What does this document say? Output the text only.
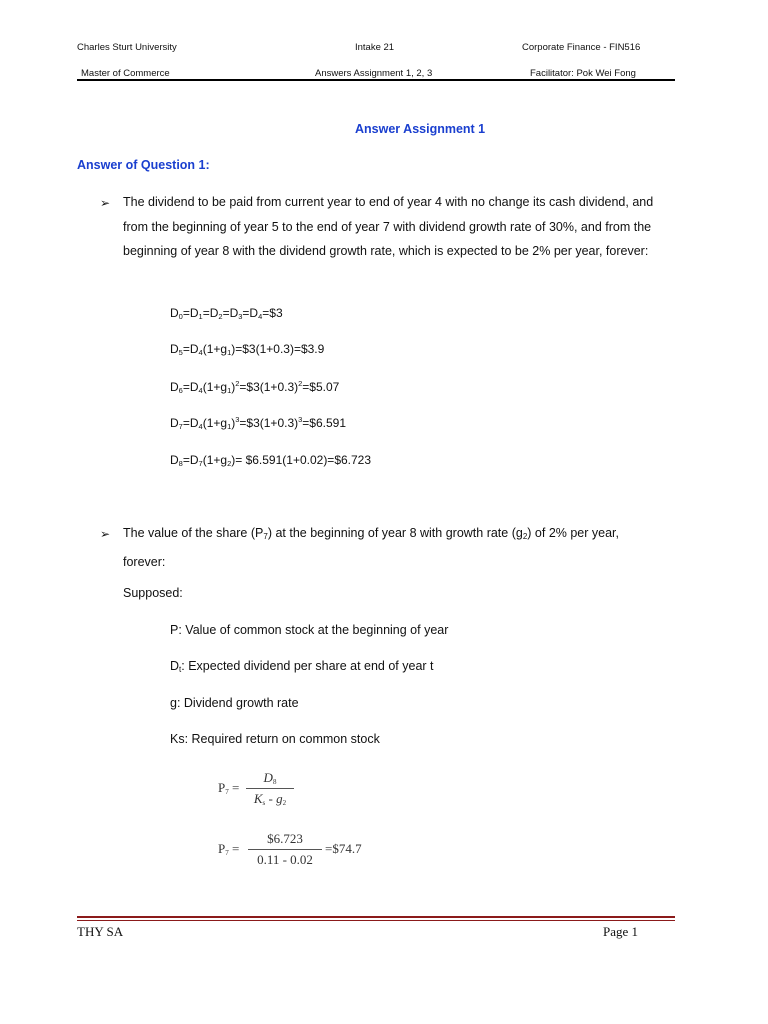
Charles Sturt University	Intake 21	Corporate Finance - FIN516
Master of Commerce	Answers Assignment 1, 2, 3	Facilitator: Pok Wei Fong
Answer Assignment 1
Answer of Question 1:
➢ The dividend to be paid from current year to end of year 4 with no change its cash dividend, and from the beginning of year 5 to the end of year 7 with dividend growth rate of 30%, and from the beginning of year 8 with the dividend growth rate, which is expected to be 2% per year, forever:
$D_0=D_1=D_2=D_3=D_4=\$3$
$D_5=D_4(1+g_1)=\$3(1+0.3)=\$3.9$
$D_6=D_4(1+g_1)^2=\$3(1+0.3)^2=\$5.07$
$D_7=D_4(1+g_1)^3=\$3(1+0.3)^3=\$6.591$
$D_8=D_7(1+g_2)=$ $6.591(1+0.02)=$6.723
➢ The value of the share (P7) at the beginning of year 8 with growth rate (g2) of 2% per year, forever:
Supposed:
P: Value of common stock at the beginning of year
Dt: Expected dividend per share at end of year t
g: Dividend growth rate
Ks: Required return on common stock
$P_7$ =
$D_8$
$K_s - g_2$
$P_7$ =
$6.723
0.11 - 0.02
=$74.7
THY SA	Page 1
